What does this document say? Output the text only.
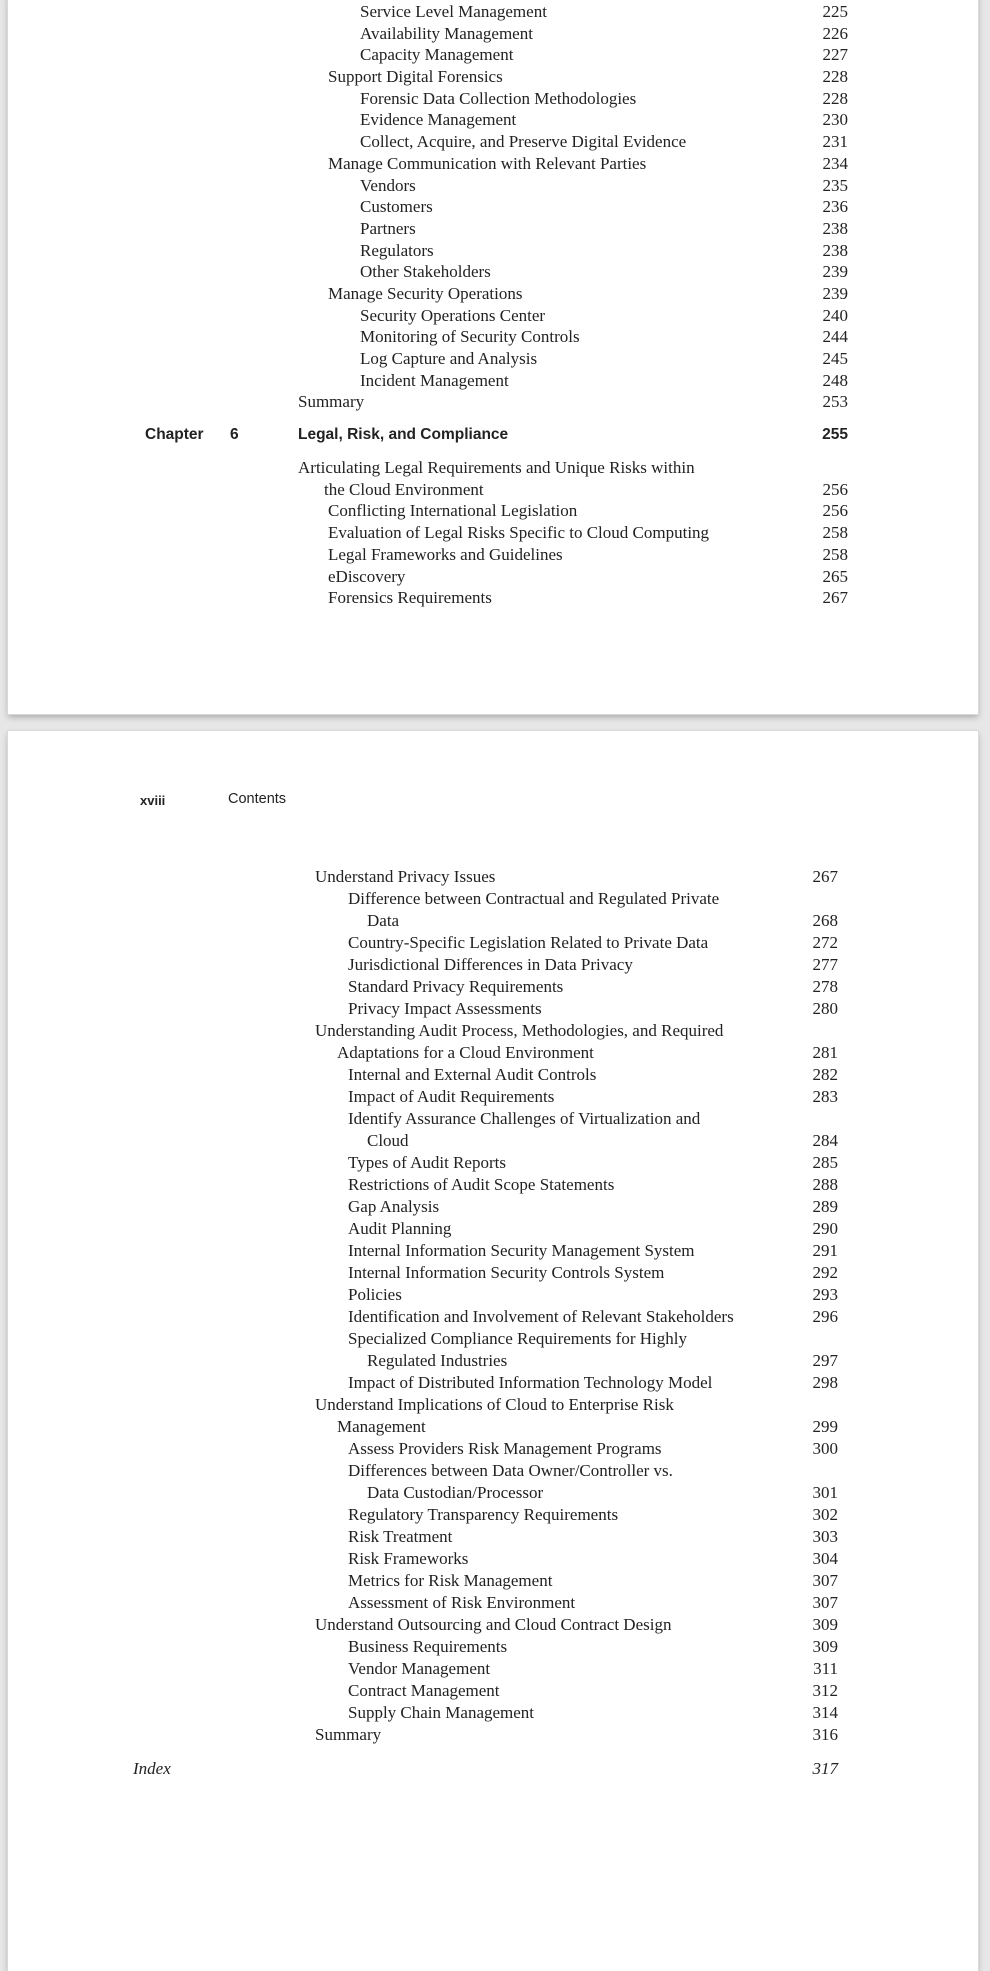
Service Level Management	225
Availability Management	226
Capacity Management	227
Support Digital Forensics	228
Forensic Data Collection Methodologies	228
Evidence Management	230
Collect, Acquire, and Preserve Digital Evidence	231
Manage Communication with Relevant Parties	234
Vendors	235
Customers	236
Partners	238
Regulators	238
Other Stakeholders	239
Manage Security Operations	239
Security Operations Center	240
Monitoring of Security Controls	244
Log Capture and Analysis	245
Incident Management	248
Summary	253
Chapter 6	Legal, Risk, and Compliance	255
Articulating Legal Requirements and Unique Risks within
the Cloud Environment	256
Conflicting International Legislation	256
Evaluation of Legal Risks Specific to Cloud Computing	258
Legal Frameworks and Guidelines	258
eDiscovery	265
Forensics Requirements	267
xviii	Contents
Understand Privacy Issues	267
Difference between Contractual and Regulated Private
Data	268
Country-Specific Legislation Related to Private Data	272
Jurisdictional Differences in Data Privacy	277
Standard Privacy Requirements	278
Privacy Impact Assessments	280
Understanding Audit Process, Methodologies, and Required
Adaptations for a Cloud Environment	281
Internal and External Audit Controls	282
Impact of Audit Requirements	283
Identify Assurance Challenges of Virtualization and
Cloud	284
Types of Audit Reports	285
Restrictions of Audit Scope Statements	288
Gap Analysis	289
Audit Planning	290
Internal Information Security Management System	291
Internal Information Security Controls System	292
Policies	293
Identification and Involvement of Relevant Stakeholders	296
Specialized Compliance Requirements for Highly
Regulated Industries	297
Impact of Distributed Information Technology Model	298
Understand Implications of Cloud to Enterprise Risk
Management	299
Assess Providers Risk Management Programs	300
Differences between Data Owner/Controller vs.
Data Custodian/Processor	301
Regulatory Transparency Requirements	302
Risk Treatment	303
Risk Frameworks	304
Metrics for Risk Management	307
Assessment of Risk Environment	307
Understand Outsourcing and Cloud Contract Design	309
Business Requirements	309
Vendor Management	311
Contract Management	312
Supply Chain Management	314
Summary	316
Index	317
